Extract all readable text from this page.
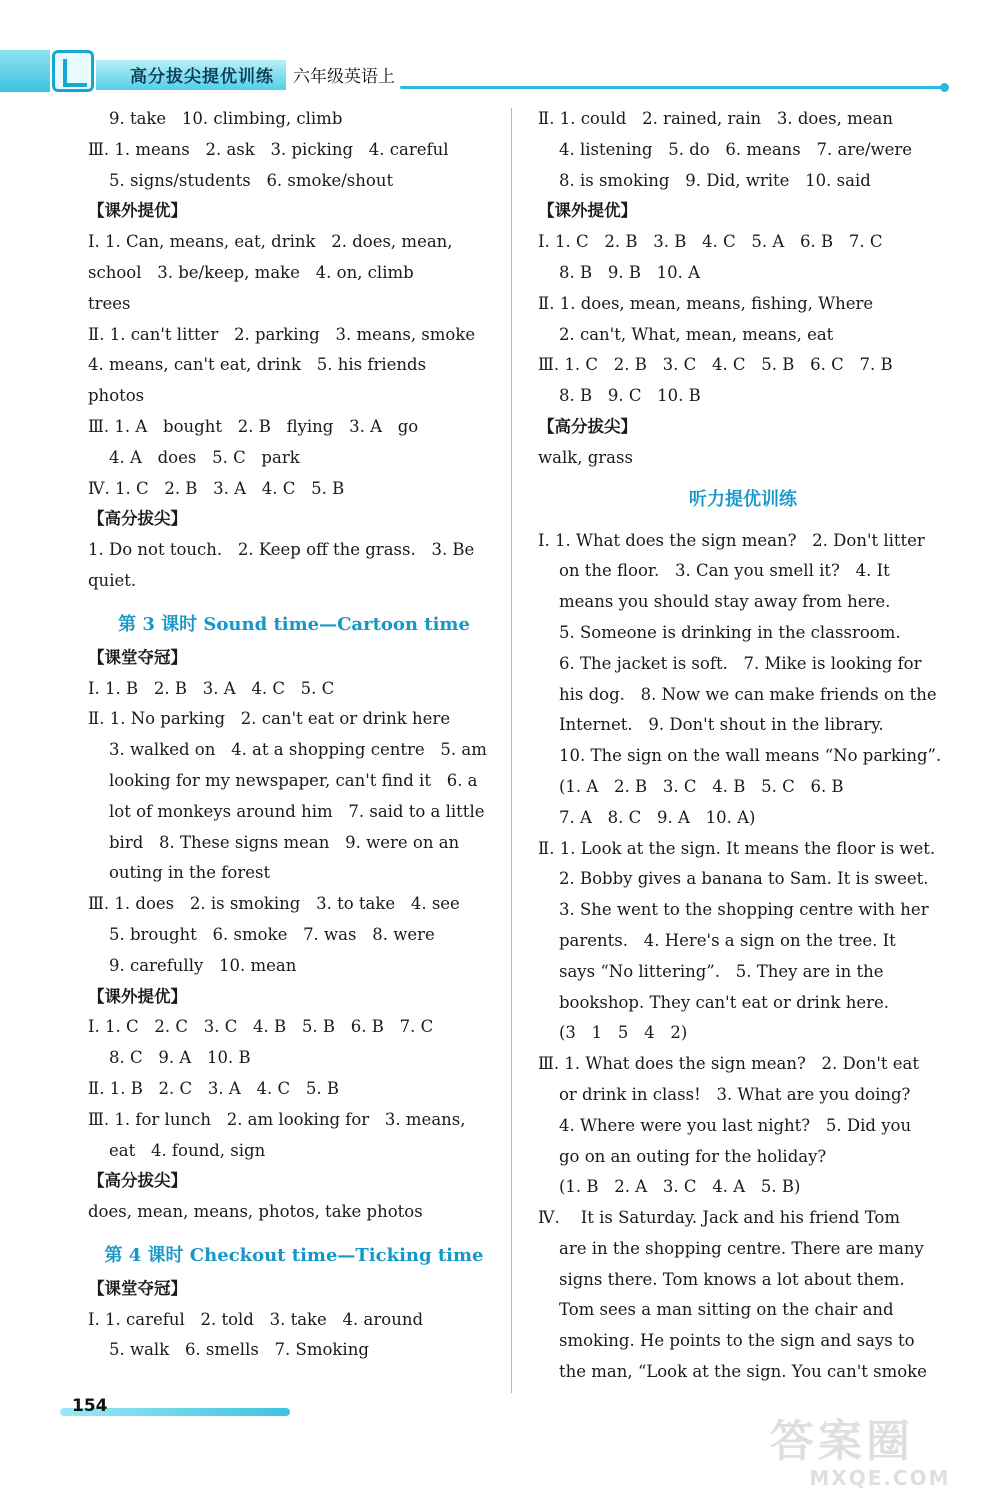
高分拔尖提优训练 六年级英语上
9. take   10. climbing, climb
Ⅲ. 1. means   2. ask   3. picking   4. careful
5. signs/students   6. smoke/shout
【课外提优】
Ⅰ. 1. Can, means, eat, drink   2. does, mean,
school   3. be/keep, make   4. on, climb
trees
Ⅱ. 1. can't litter   2. parking   3. means, smoke
4. means, can't eat, drink   5. his friends
photos
Ⅲ. 1. A   bought   2. B   flying   3. A   go
4. A   does   5. C   park
Ⅳ. 1. C   2. B   3. A   4. C   5. B
【高分拔尖】
1. Do not touch.   2. Keep off the grass.   3. Be
quiet.
第 3 课时 Sound time—Cartoon time
【课堂夺冠】
Ⅰ. 1. B   2. B   3. A   4. C   5. C
Ⅱ. 1. No parking   2. can't eat or drink here
3. walked on   4. at a shopping centre   5. am
looking for my newspaper, can't find it   6. a
lot of monkeys around him   7. said to a little
bird   8. These signs mean   9. were on an
outing in the forest
Ⅲ. 1. does   2. is smoking   3. to take   4. see
5. brought   6. smoke   7. was   8. were
9. carefully   10. mean
【课外提优】
Ⅰ. 1. C   2. C   3. C   4. B   5. B   6. B   7. C
8. C   9. A   10. B
Ⅱ. 1. B   2. C   3. A   4. C   5. B
Ⅲ. 1. for lunch   2. am looking for   3. means,
eat   4. found, sign
【高分拔尖】
does, mean, means, photos, take photos
第 4 课时 Checkout time—Ticking time
【课堂夺冠】
Ⅰ. 1. careful   2. told   3. take   4. around
5. walk   6. smells   7. Smoking
Ⅱ. 1. could   2. rained, rain   3. does, mean
4. listening   5. do   6. means   7. are/were
8. is smoking   9. Did, write   10. said
【课外提优】
Ⅰ. 1. C   2. B   3. B   4. C   5. A   6. B   7. C
8. B   9. B   10. A
Ⅱ. 1. does, mean, means, fishing, Where
2. can't, What, mean, means, eat
Ⅲ. 1. C   2. B   3. C   4. C   5. B   6. C   7. B
8. B   9. C   10. B
【高分拔尖】
walk, grass
听力提优训练
Ⅰ. 1. What does the sign mean?   2. Don't litter
on the floor.   3. Can you smell it?   4. It
means you should stay away from here.
5. Someone is drinking in the classroom.
6. The jacket is soft.   7. Mike is looking for
his dog.   8. Now we can make friends on the
Internet.   9. Don't shout in the library.
10. The sign on the wall means “No parking”.
(1. A   2. B   3. C   4. B   5. C   6. B
7. A   8. C   9. A   10. A)
Ⅱ. 1. Look at the sign. It means the floor is wet.
2. Bobby gives a banana to Sam. It is sweet.
3. She went to the shopping centre with her
parents.   4. Here's a sign on the tree. It
says “No littering”.   5. They are in the
bookshop. They can't eat or drink here.
(3   1   5   4   2)
Ⅲ. 1. What does the sign mean?   2. Don't eat
or drink in class!   3. What are you doing?
4. Where were you last night?   5. Did you
go on an outing for the holiday?
(1. B   2. A   3. C   4. A   5. B)
Ⅳ.    It is Saturday. Jack and his friend Tom
are in the shopping centre. There are many
signs there. Tom knows a lot about them.
Tom sees a man sitting on the chair and
smoking. He points to the sign and says to
the man, “Look at the sign. You can't smoke
154
答案圈
MXQE.COM
